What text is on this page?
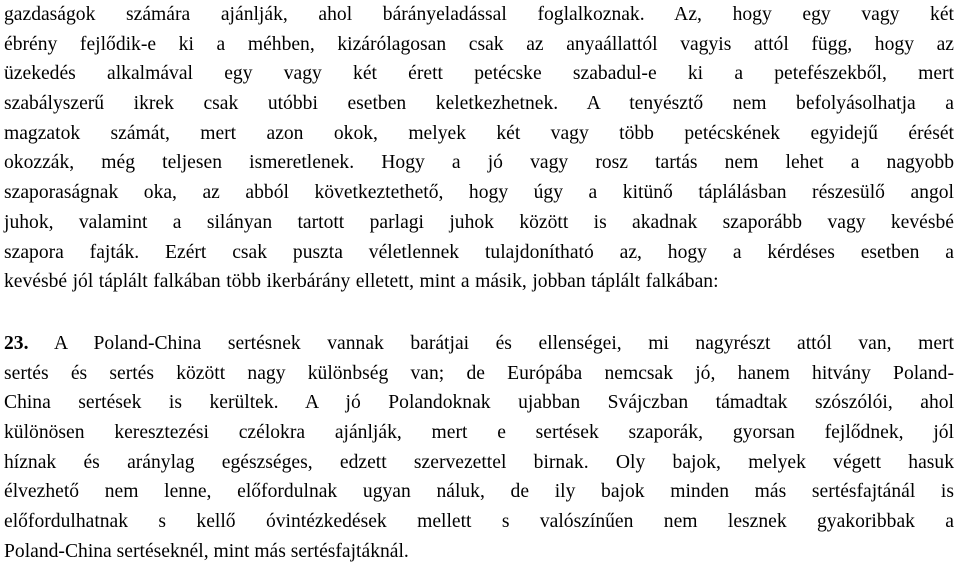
gazdaságok számára ajánlják, ahol bárányeladással foglalkoznak. Az, hogy egy vagy két
ébrény fejlődik-e ki a méhben, kizárólagosan csak az anyaállattól vagyis attól függ, hogy az
üzekedés alkalmával egy vagy két érett petécske szabadul-e ki a petefészekből, mert
szabályszerű ikrek csak utóbbi esetben keletkezhetnek. A tenyésztő nem befolyásolhatja a
magzatok számát, mert azon okok, melyek két vagy több petécskének egyidejű érését
okozzák, még teljesen ismeretlenek. Hogy a jó vagy rosz tartás nem lehet a nagyobb
szaporaságnak oka, az abból következtethető, hogy úgy a kitünő táplálásban részesülő angol
juhok, valamint a silányan tartott parlagi juhok között is akadnak szaporább vagy kevésbé
szapora fajták. Ezért csak puszta véletlennek tulajdonítható az, hogy a kérdéses esetben a
kevésbé jól táplált falkában több ikerbárány elletett, mint a másik, jobban táplált falkában:
23. A Poland-China sertésnek vannak barátjai és ellenségei, mi nagyrészt attól van, mert
sertés és sertés között nagy különbség van; de Európába nemcsak jó, hanem hitvány Poland-
China sertések is kerültek. A jó Polandoknak ujabban Svájczban támadtak szószólói, ahol
különösen keresztezési czélokra ajánlják, mert e sertések szaporák, gyorsan fejlődnek, jól
híznak és aránylag egészséges, edzett szervezettel birnak. Oly bajok, melyek végett hasuk
élvezhető nem lenne, előfordulnak ugyan náluk, de ily bajok minden más sertésfajtánál is
előfordulhatnak s kellő óvintézkedések mellett s valószínűen nem lesznek gyakoribbak a
Poland-China sertéseknél, mint más sertésfajtáknál.
